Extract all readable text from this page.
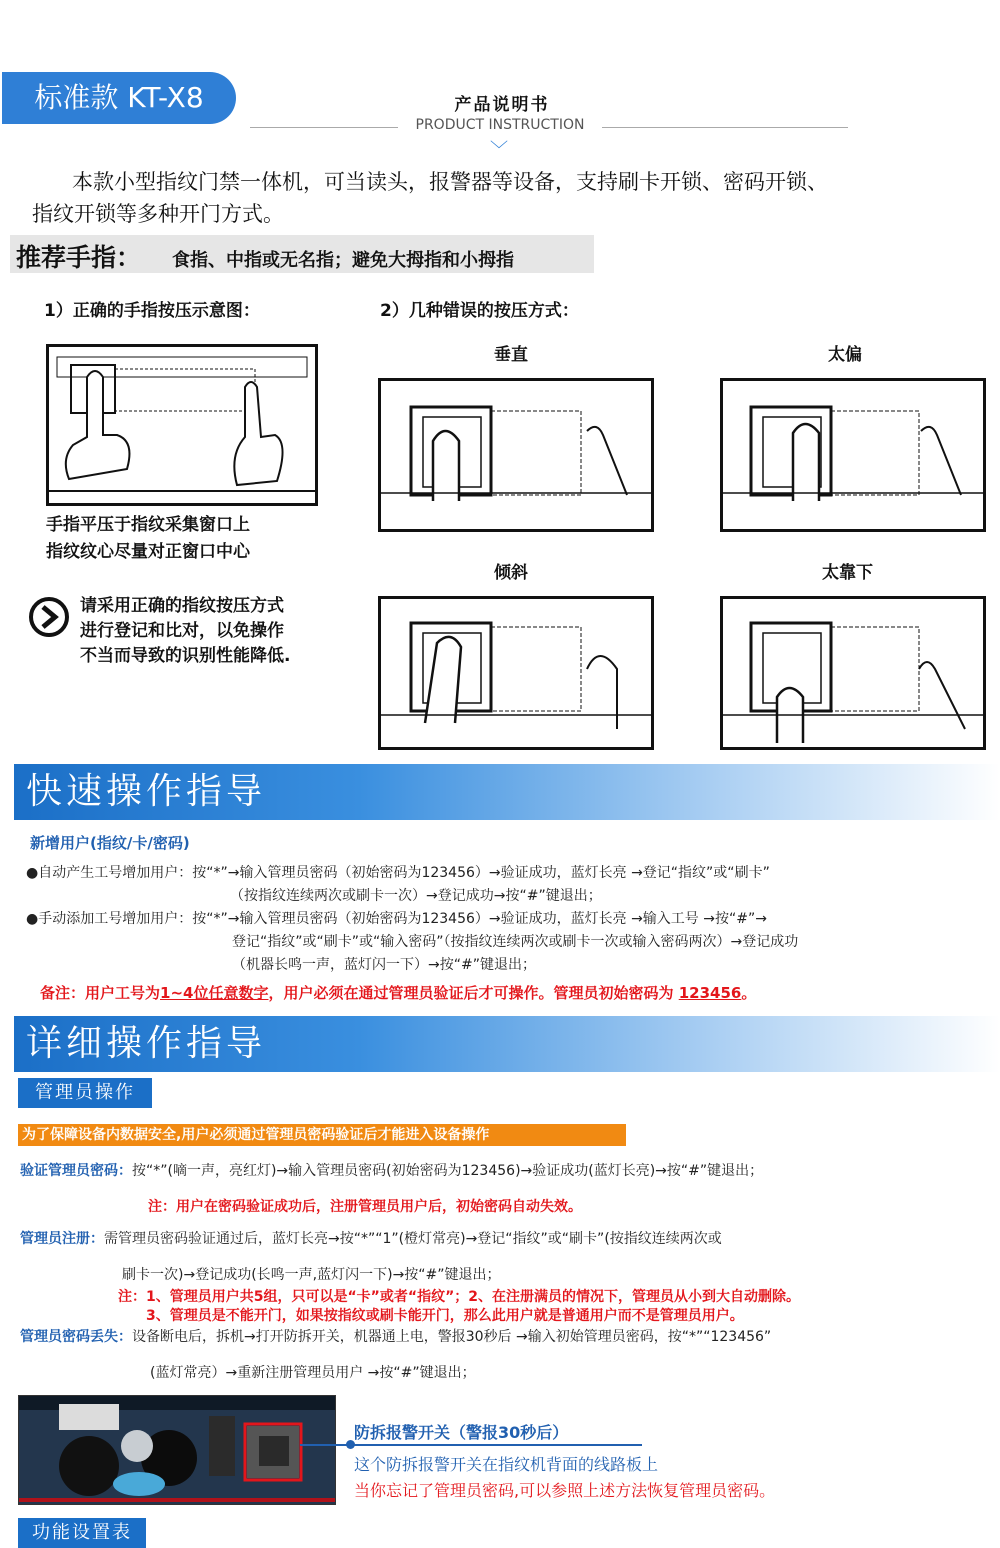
标准款 KT-X8	产品说明书
PRODUCT INSTRUCTION
﹀

本款小型指纹门禁一体机，可当读头，报警器等设备，支持刷卡开锁、密码开锁、

指纹开锁等多种开门方式。

推荐手指： 食指、中指或无名指；避免大拇指和小拇指
1）正确的手指按压示意图：
手指平压于指纹采集窗口上
指纹纹心尽量对正窗口中心
请采用正确的指纹按压方式
进行登记和比对，以免操作
不当而导致的识别性能降低.
2）几种错误的按压方式：
垂直	太偏
倾斜	太靠下
快速操作指导
新增用户(指纹/卡/密码)
●自动产生工号增加用户：按“*”→输入管理员密码（初始密码为123456）→验证成功，蓝灯长亮 →登记“指纹”或“刷卡”
（按指纹连续两次或刷卡一次）→登记成功→按“#”键退出；
●手动添加工号增加用户：按“*”→输入管理员密码（初始密码为123456）→验证成功，蓝灯长亮 →输入工号 →按“#”→
登记“指纹”或“刷卡”或“输入密码”（按指纹连续两次或刷卡一次或输入密码两次）→登记成功
（机器长鸣一声，蓝灯闪一下）→按“#”键退出；
备注：用户工号为1~4位任意数字，用户必须在通过管理员验证后才可操作。管理员初始密码为 123456。
详细操作指导
管理员操作
为了保障设备内数据安全,用户必须通过管理员密码验证后才能进入设备操作
验证管理员密码：按“*”(嘀一声，亮红灯)→输入管理员密码(初始密码为123456)→验证成功(蓝灯长亮)→按“#”键退出；
注：用户在密码验证成功后，注册管理员用户后，初始密码自动失效。
管理员注册：需管理员密码验证通过后，蓝灯长亮→按“*”“1”(橙灯常亮)→登记“指纹”或“刷卡”(按指纹连续两次或
刷卡一次)→登记成功(长鸣一声,蓝灯闪一下)→按“#”键退出；
注：1、管理员用户共5组，只可以是“卡”或者“指纹”；2、在注册满员的情况下，管理员从小到大自动删除。
3、管理员是不能开门，如果按指纹或刷卡能开门，那么此用户就是普通用户而不是管理员用户。
管理员密码丢失：设备断电后，拆机→打开防拆开关，机器通上电，警报30秒后 →输入初始管理员密码，按“*”“123456”
(蓝灯常亮）→重新注册管理员用户 →按“#”键退出；
防拆报警开关（警报30秒后）
这个防拆报警开关在指纹机背面的线路板上
当你忘记了管理员密码,可以参照上述方法恢复管理员密码。
功能设置表
